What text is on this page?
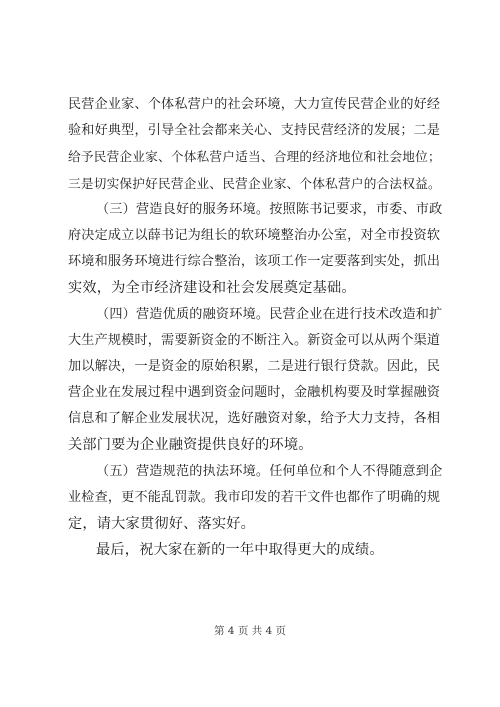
民营企业家、个体私营户的社会环境，大力宣传民营企业的好经
验和好典型，引导全社会都来关心、支持民营经济的发展；二是
给予民营企业家、个体私营户适当、合理的经济地位和社会地位；
三是切实保护好民营企业、民营企业家、个体私营户的合法权益。
（三）营造良好的服务环境。按照陈书记要求，市委、市政
府决定成立以薛书记为组长的软环境整治办公室，对全市投资软
环境和服务环境进行综合整治，该项工作一定要落到实处，抓出
实效，为全市经济建设和社会发展奠定基础。
（四）营造优质的融资环境。民营企业在进行技术改造和扩
大生产规模时，需要新资金的不断注入。新资金可以从两个渠道
加以解决，一是资金的原始积累，二是进行银行贷款。因此，民
营企业在发展过程中遇到资金问题时，金融机构要及时掌握融资
信息和了解企业发展状况，选好融资对象，给予大力支持，各相
关部门要为企业融资提供良好的环境。
（五）营造规范的执法环境。任何单位和个人不得随意到企
业检查，更不能乱罚款。我市印发的若干文件也都作了明确的规
定，请大家贯彻好、落实好。
最后，祝大家在新的一年中取得更大的成绩。
第 4 页 共 4 页
